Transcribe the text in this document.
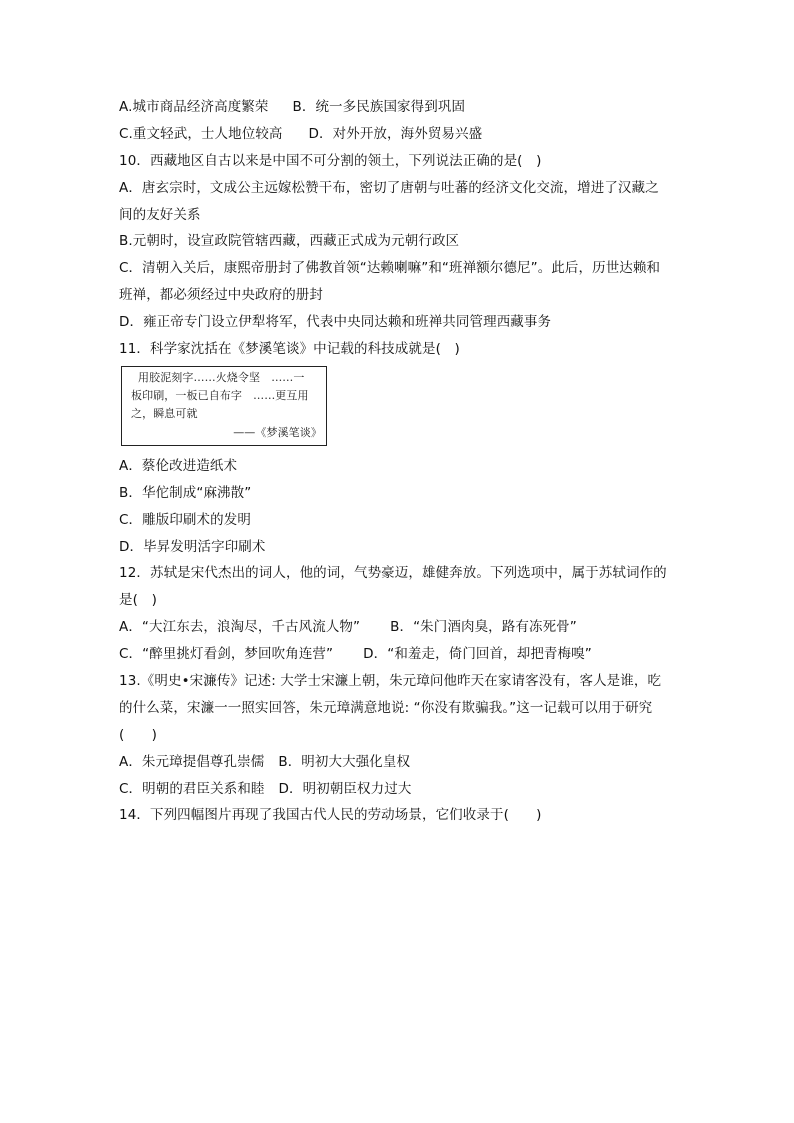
A.城市商品经济高度繁荣 B．统一多民族国家得到巩固
C.重文轻武，士人地位较高 D．对外开放，海外贸易兴盛
10．西藏地区自古以来是中国不可分割的领土，下列说法正确的是(　)
A．唐玄宗时，文成公主远嫁松赞干布，密切了唐朝与吐蕃的经济文化交流，增进了汉藏之
间的友好关系
B.元朝时，设宣政院管辖西藏，西藏正式成为元朝行政区
C．清朝入关后，康熙帝册封了佛教首领“达赖喇嘛”和“班禅额尔德尼”。此后，历世达赖和
班禅，都必须经过中央政府的册封
D．雍正帝专门设立伊犁将军，代表中央同达赖和班禅共同管理西藏事务
11．科学家沈括在《梦溪笔谈》中记载的科技成就是(　)
用胶泥刻字……火烧令坚　……一
板印刷，一板已自布字　……更互用
之，瞬息可就
——《梦溪笔谈》
A．蔡伦改进造纸术
B．华佗制成“麻沸散”
C．雕版印刷术的发明
D．毕昇发明活字印刷术
12．苏轼是宋代杰出的词人，他的词，气势豪迈，雄健奔放。下列选项中，属于苏轼词作的
是(　)
A．“大江东去，浪淘尽，千古风流人物” B．“朱门酒肉臭，路有冻死骨”
C．“醉里挑灯看剑，梦回吹角连营” D．“和羞走，倚门回首，却把青梅嗅”
13.《明史•宋濂传》记述: 大学士宋濂上朝，朱元璋问他昨天在家请客没有，客人是谁，吃
的什么菜，宋濂一一照实回答，朱元璋满意地说: “你没有欺骗我。”这一记载可以用于研究
(　　)
A．朱元璋提倡尊孔崇儒 B．明初大大强化皇权
C．明朝的君臣关系和睦 D．明初朝臣权力过大
14．下列四幅图片再现了我国古代人民的劳动场景，它们收录于(　　)
